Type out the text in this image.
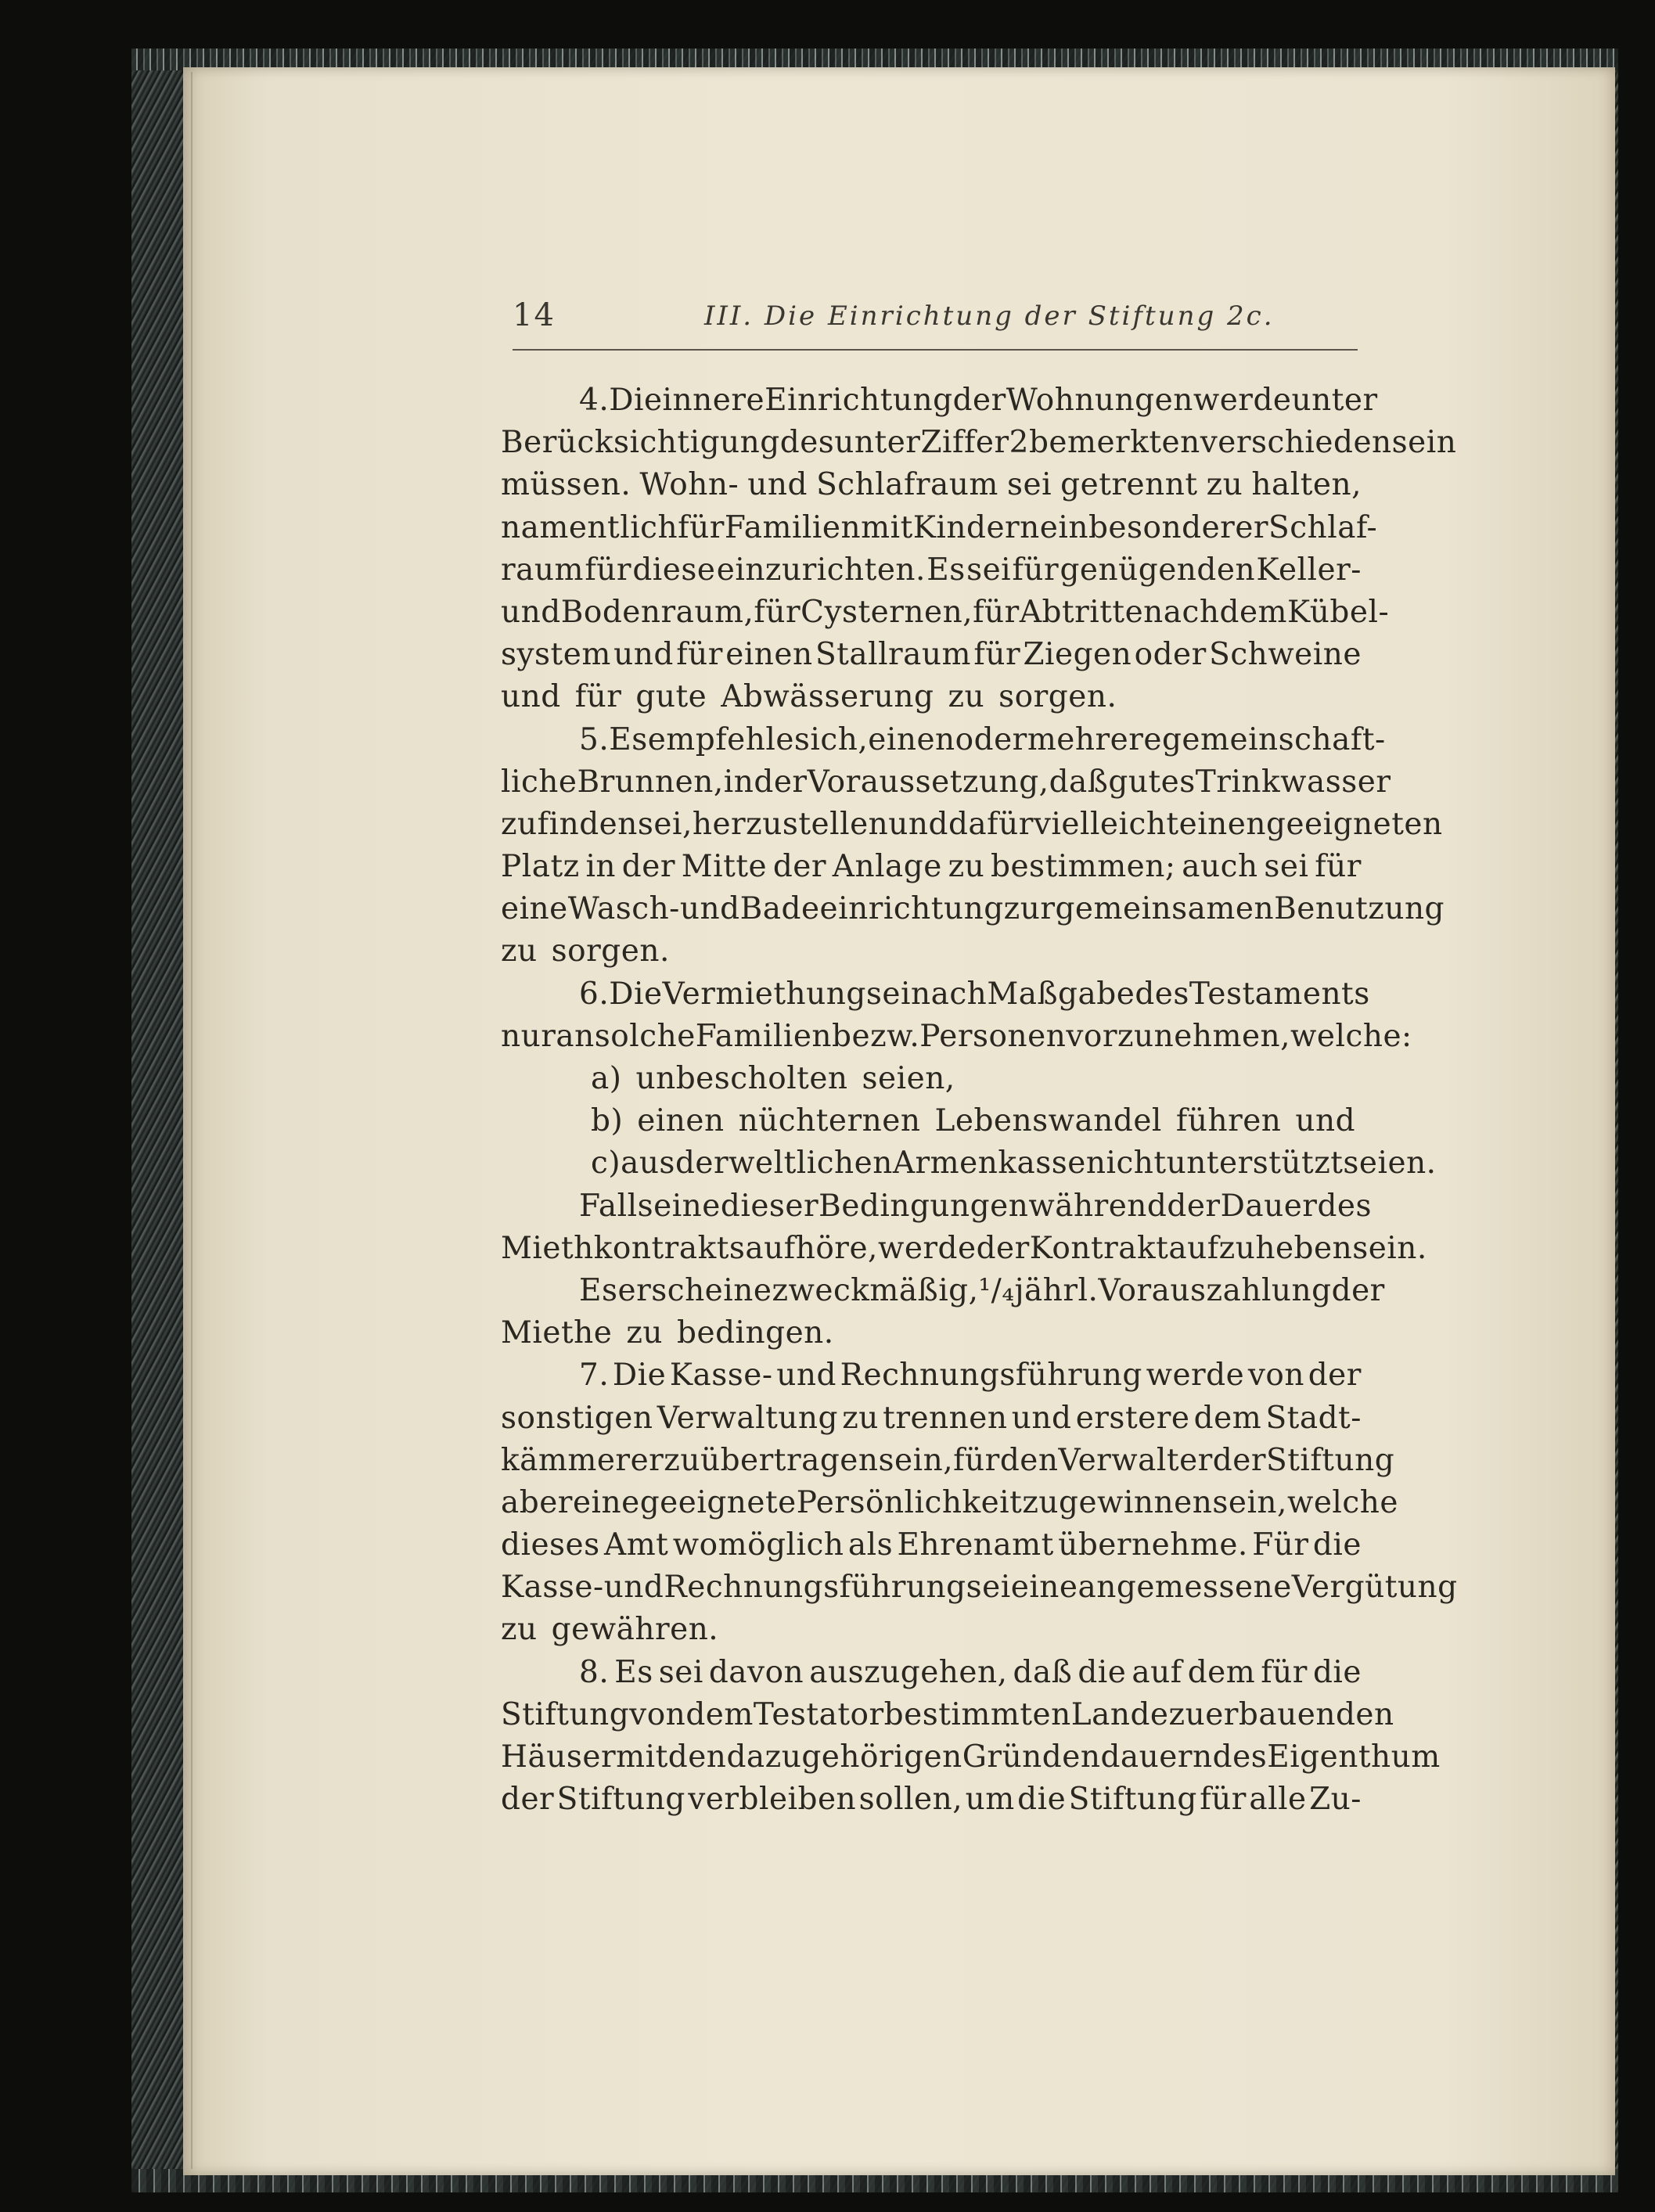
14	III. Die Einrichtung der Stiftung 2c.
4. Die innere Einrichtung der Wohnungen werde unter
Berücksichtigung des unter Ziffer 2 bemerkten verschieden sein
müssen. Wohn- und Schlafraum sei getrennt zu halten,
namentlich für Familien mit Kindern ein besonderer Schlaf-
raum für diese einzurichten. Es sei für genügenden Keller-
und Bodenraum, für Cysternen, für Abtritte nach dem Kübel-
system und für einen Stallraum für Ziegen oder Schweine
und für gute Abwässerung zu sorgen.
5. Es empfehle sich, einen oder mehrere gemeinschaft-
liche Brunnen, in der Voraussetzung, daß gutes Trinkwasser
zu finden sei, herzustellen und dafür vielleicht einen geeigneten
Platz in der Mitte der Anlage zu bestimmen; auch sei für
eine Wasch- und Badeeinrichtung zur gemeinsamen Benutzung
zu sorgen.
6. Die Vermiethung sei nach Maßgabe des Testaments
nur an solche Familien bezw. Personen vorzunehmen, welche:
a) unbescholten seien,
b) einen nüchternen Lebenswandel führen und
c) aus der weltlichen Armenkasse nicht unterstützt seien.
Falls eine dieser Bedingungen während der Dauer des
Miethkontrakts aufhöre, werde der Kontrakt aufzuheben sein.
Es erscheine zweckmäßig, ¹/₄jährl. Vorauszahlung der
Miethe zu bedingen.
7. Die Kasse- und Rechnungsführung werde von der
sonstigen Verwaltung zu trennen und erstere dem Stadt-
kämmerer zu übertragen sein, für den Verwalter der Stiftung
aber eine geeignete Persönlichkeit zu gewinnen sein, welche
dieses Amt womöglich als Ehrenamt übernehme. Für die
Kasse- und Rechnungsführung sei eine angemessene Vergütung
zu gewähren.
8. Es sei davon auszugehen, daß die auf dem für die
Stiftung von dem Testator bestimmten Lande zu erbauenden
Häuser mit den dazu gehörigen Gründen dauerndes Eigenthum
der Stiftung verbleiben sollen, um die Stiftung für alle Zu-
